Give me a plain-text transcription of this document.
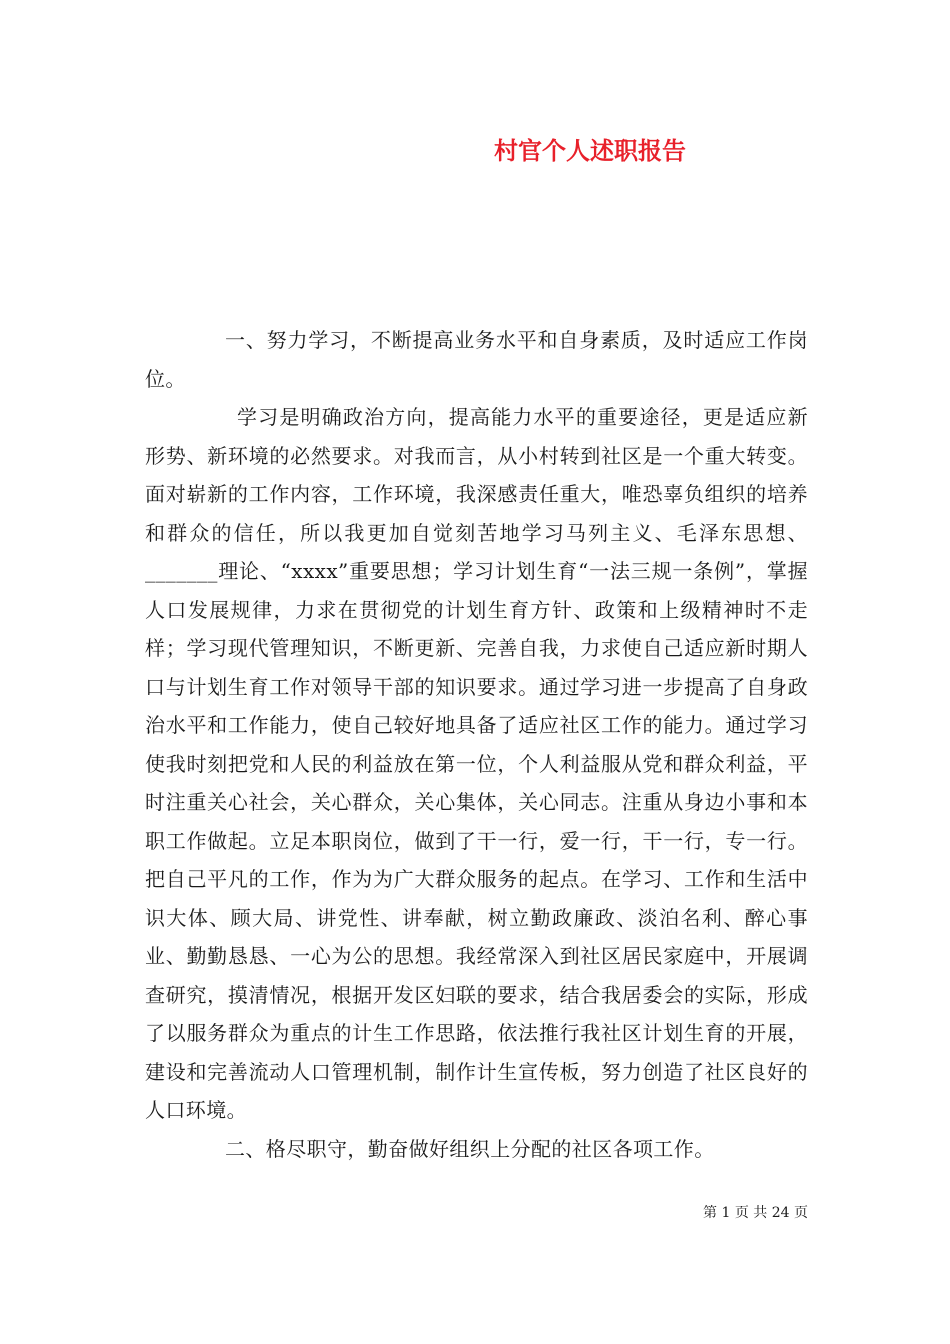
村官个人述职报告

一、努力学习，不断提高业务水平和自身素质，及时适应工作岗位。

学习是明确政治方向，提高能力水平的重要途径，更是适应新形势、新环境的必然要求。对我而言，从小村转到社区是一个重大转变。面对崭新的工作内容，工作环境，我深感责任重大，唯恐辜负组织的培养和群众的信任，所以我更加自觉刻苦地学习马列主义、毛泽东思想、_______理论、“xxxx”重要思想；学习计划生育“一法三规一条例”，掌握人口发展规律，力求在贯彻党的计划生育方针、政策和上级精神时不走样；学习现代管理知识，不断更新、完善自我，力求使自己适应新时期人口与计划生育工作对领导干部的知识要求。通过学习进一步提高了自身政治水平和工作能力，使自己较好地具备了适应社区工作的能力。通过学习使我时刻把党和人民的利益放在第一位，个人利益服从党和群众利益，平时注重关心社会，关心群众，关心集体，关心同志。注重从身边小事和本职工作做起。立足本职岗位，做到了干一行，爱一行，干一行，专一行。把自己平凡的工作，作为为广大群众服务的起点。在学习、工作和生活中识大体、顾大局、讲党性、讲奉献，树立勤政廉政、淡泊名利、醉心事业、勤勤恳恳、一心为公的思想。我经常深入到社区居民家庭中，开展调查研究，摸清情况，根据开发区妇联的要求，结合我居委会的实际，形成了以服务群众为重点的计生工作思路，依法推行我社区计划生育的开展，建设和完善流动人口管理机制，制作计生宣传板，努力创造了社区良好的人口环境。

二、格尽职守，勤奋做好组织上分配的社区各项工作。

第 1 页 共 24 页
